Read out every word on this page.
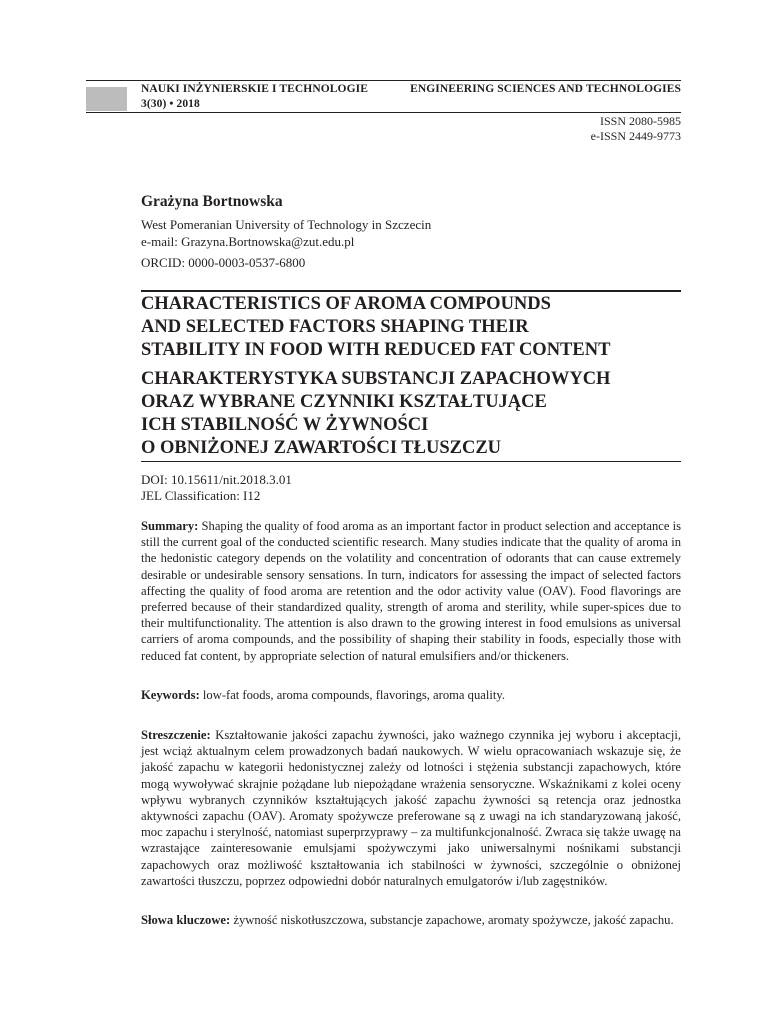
NAUKI INŻYNIERSKIE I TECHNOLOGIE	ENGINEERING SCIENCES AND TECHNOLOGIES
3(30) • 2018
ISSN 2080-5985
e-ISSN 2449-9773
Grażyna Bortnowska
West Pomeranian University of Technology in Szczecin
e-mail: Grazyna.Bortnowska@zut.edu.pl
ORCID: 0000-0003-0537-6800
CHARACTERISTICS OF AROMA COMPOUNDS
AND SELECTED FACTORS SHAPING THEIR
STABILITY IN FOOD WITH REDUCED FAT CONTENT
CHARAKTERYSTYKA SUBSTANCJI ZAPACHOWYCH
ORAZ WYBRANE CZYNNIKI KSZTAŁTUJĄCE
ICH STABILNOŚĆ W ŻYWNOŚCI
O OBNIŻONEJ ZAWARTOŚCI TŁUSZCZU
DOI: 10.15611/nit.2018.3.01
JEL Classification: I12
Summary: Shaping the quality of food aroma as an important factor in product selection and acceptance is still the current goal of the conducted scientific research. Many studies indicate that the quality of aroma in the hedonistic category depends on the volatility and concentration of odorants that can cause extremely desirable or undesirable sensory sensations. In turn, indicators for assessing the impact of selected factors affecting the quality of food aroma are retention and the odor activity value (OAV). Food flavorings are preferred because of their standardized quality, strength of aroma and sterility, while super-spices due to their multifunctionality. The attention is also drawn to the growing interest in food emulsions as universal carriers of aroma compounds, and the possibility of shaping their stability in foods, especially those with reduced fat content, by appropriate selection of natural emulsifiers and/or thickeners.
Keywords: low-fat foods, aroma compounds, flavorings, aroma quality.
Streszczenie: Kształtowanie jakości zapachu żywności, jako ważnego czynnika jej wyboru i akceptacji, jest wciąż aktualnym celem prowadzonych badań naukowych. W wielu opracowaniach wskazuje się, że jakość zapachu w kategorii hedonistycznej zależy od lotności i stężenia substancji zapachowych, które mogą wywoływać skrajnie pożądane lub niepożądane wrażenia sensoryczne. Wskaźnikami z kolei oceny wpływu wybranych czynników kształtujących jakość zapachu żywności są retencja oraz jednostka aktywności zapachu (OAV). Aromaty spożywcze preferowane są z uwagi na ich standaryzowaną jakość, moc zapachu i sterylność, natomiast superprzyprawy – za multifunkcjonalność. Zwraca się także uwagę na wzrastające zainteresowanie emulsjami spożywczymi jako uniwersalnymi nośnikami substancji zapachowych oraz możliwość kształtowania ich stabilności w żywności, szczególnie o obniżonej zawartości tłuszczu, poprzez odpowiedni dobór naturalnych emulgatorów i/lub zagęstników.
Słowa kluczowe: żywność niskotłuszczowa, substancje zapachowe, aromaty spożywcze, jakość zapachu.
